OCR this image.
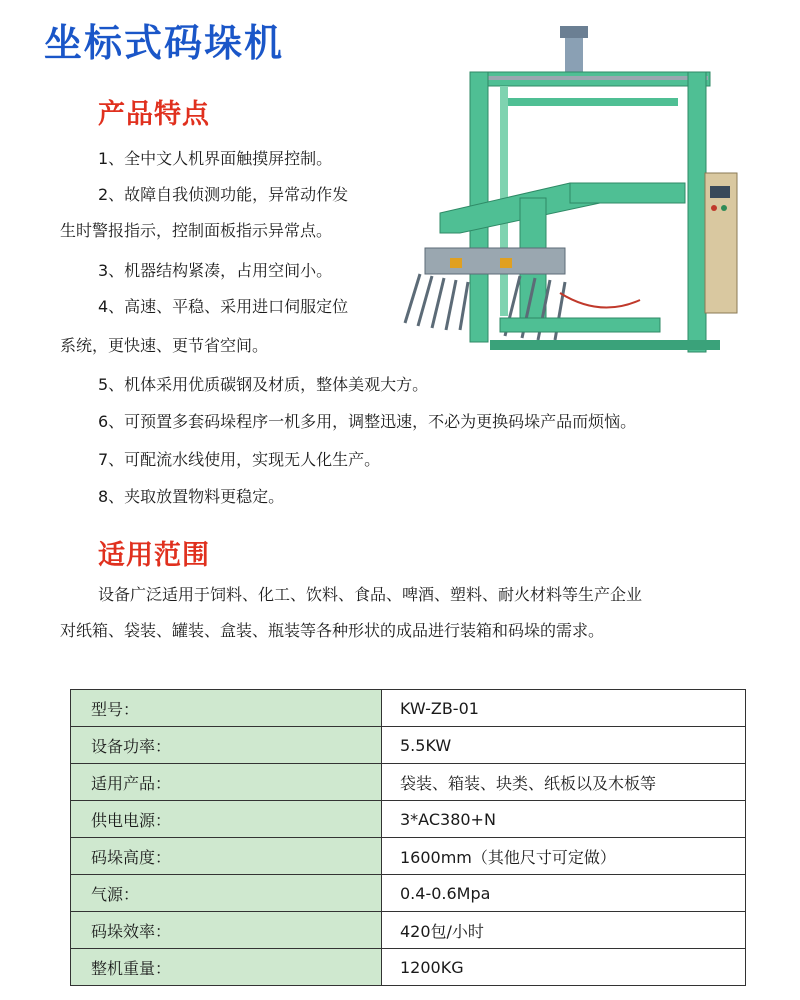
坐标式码垛机
产品特点
1、全中文人机界面触摸屏控制。
2、故障自我侦测功能，异常动作发
生时警报指示，控制面板指示异常点。
3、机器结构紧凑，占用空间小。
4、高速、平稳、采用进口伺服定位
系统，更快速、更节省空间。
5、机体采用优质碳钢及材质，整体美观大方。
6、可预置多套码垛程序一机多用，调整迅速，不必为更换码垛产品而烦恼。
7、可配流水线使用，实现无人化生产。
8、夹取放置物料更稳定。
适用范围
设备广泛适用于饲料、化工、饮料、食品、啤酒、塑料、耐火材料等生产企业
对纸箱、袋装、罐装、盒装、瓶装等各种形状的成品进行装箱和码垛的需求。
型号：	KW-ZB-01
设备功率：	5.5KW
适用产品：	袋装、箱装、块类、纸板以及木板等
供电电源：	3*AC380+N
码垛高度：	1600mm（其他尺寸可定做）
气源：	0.4-0.6Mpa
码垛效率：	420包/小时
整机重量：	1200KG
